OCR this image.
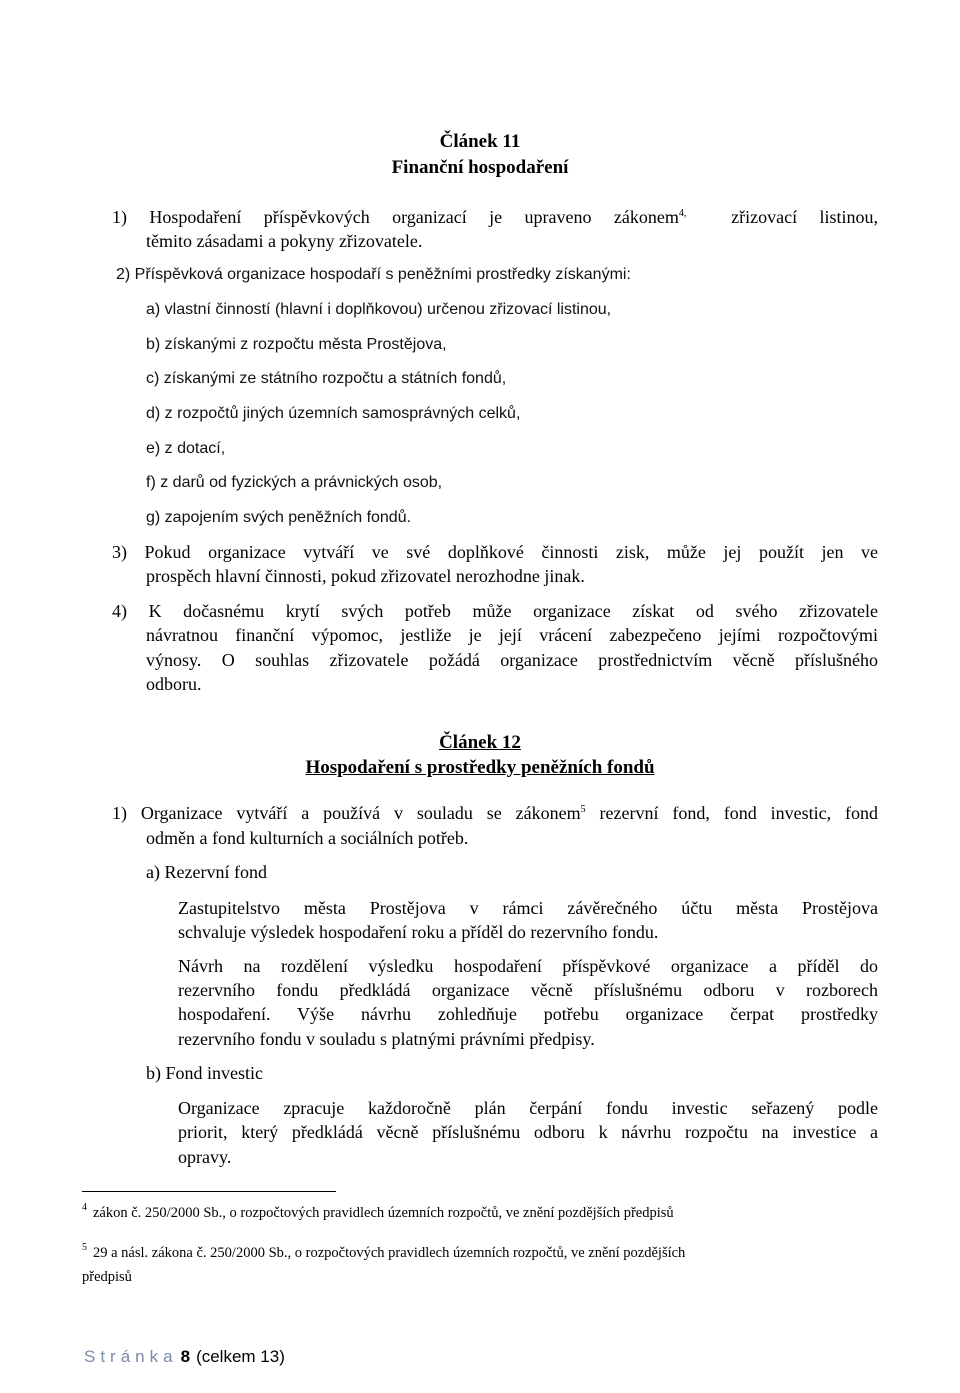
Článek 11
Finanční hospodaření
1) Hospodaření příspěvkových organizací je upraveno zákonem$^{4,}$ zřizovací listinou,
těmito zásadami a pokyny zřizovatele.
2) Příspěvková organizace hospodaří s peněžními prostředky získanými:
a) vlastní činností (hlavní i doplňkovou) určenou zřizovací listinou,
b) získanými z rozpočtu města Prostějova,
c) získanými ze státního rozpočtu a státních fondů,
d) z rozpočtů jiných územních samosprávných celků,
e) z dotací,
f) z darů od fyzických a právnických osob,
g) zapojením svých peněžních fondů.
3) Pokud organizace vytváří ve své doplňkové činnosti zisk, může jej použít jen ve
prospěch hlavní činnosti, pokud zřizovatel nerozhodne jinak.
4) K dočasnému krytí svých potřeb může organizace získat od svého zřizovatele
návratnou finanční výpomoc, jestliže je její vrácení zabezpečeno jejími rozpočtovými
výnosy. O souhlas zřizovatele požádá organizace prostřednictvím věcně příslušného
odboru.
Článek 12
Hospodaření s prostředky peněžních fondů
1) Organizace vytváří a používá v souladu se zákonem$^5$ rezervní fond, fond investic, fond
odměn a fond kulturních a sociálních potřeb.
a) Rezervní fond
Zastupitelstvo města Prostějova v rámci závěrečného účtu města Prostějova
schvaluje výsledek hospodaření roku a příděl do rezervního fondu.
Návrh na rozdělení výsledku hospodaření příspěvkové organizace a příděl do
rezervního fondu předkládá organizace věcně příslušnému odboru v rozborech
hospodaření. Výše návrhu zohledňuje potřebu organizace čerpat prostředky
rezervního fondu v souladu s platnými právními předpisy.
b) Fond investic
Organizace zpracuje každoročně plán čerpání fondu investic seřazený podle
priorit, který předkládá věcně příslušnému odboru k návrhu rozpočtu na investice a
opravy.
$^4$ zákon č. 250/2000 Sb., o rozpočtových pravidlech územních rozpočtů, ve znění pozdějších předpisů
$^5$ 29 a násl. zákona č. 250/2000 Sb., o rozpočtových pravidlech územních rozpočtů, ve znění pozdějších
předpisů
Stránka 8 (celkem 13)
